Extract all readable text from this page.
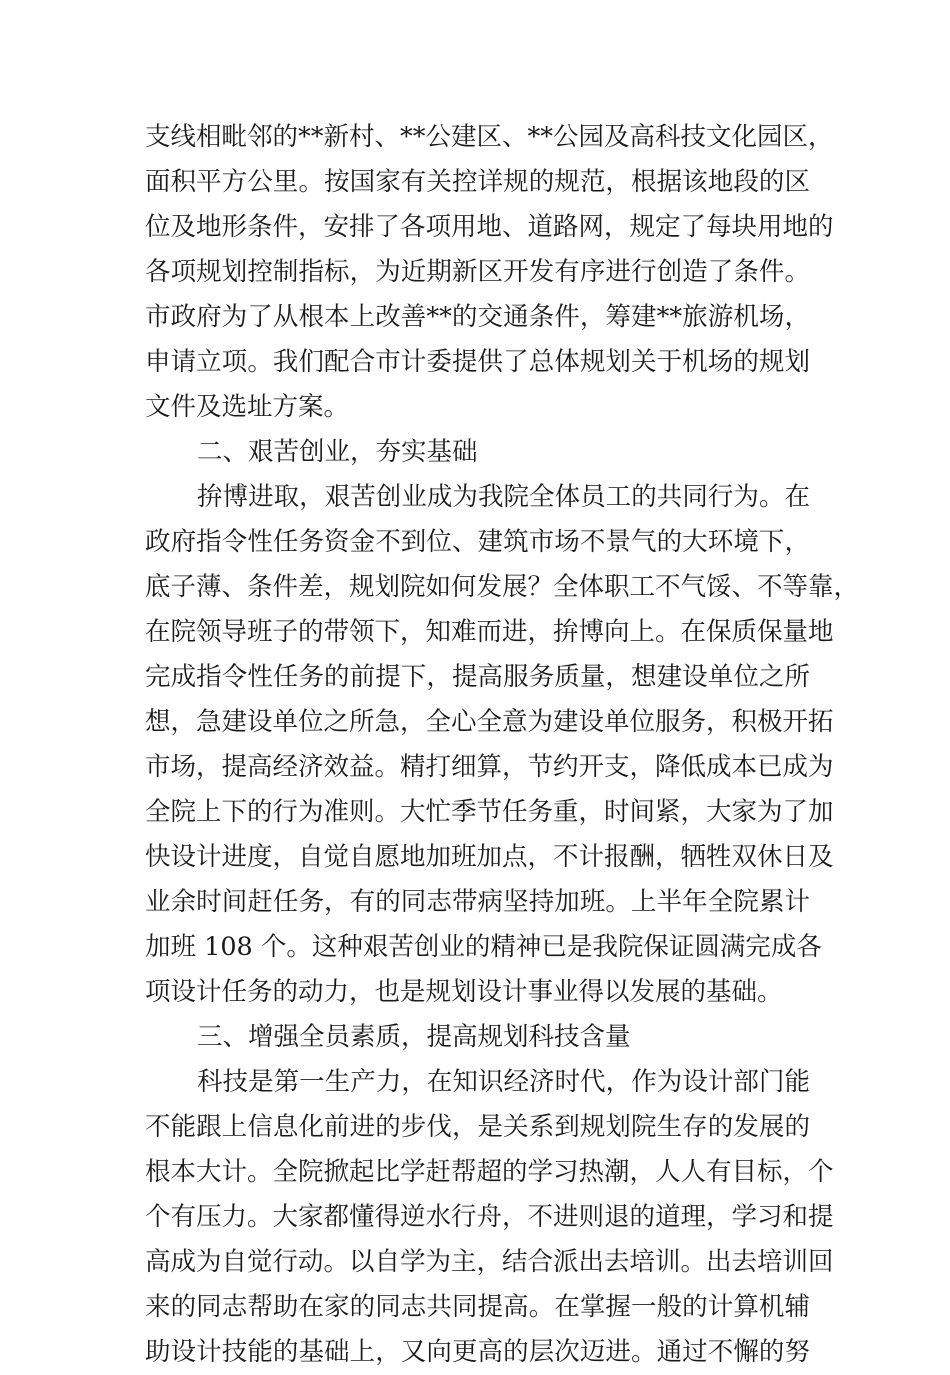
支线相毗邻的**新村、**公建区、**公园及高科技文化园区，
面积平方公里。按国家有关控详规的规范，根据该地段的区
位及地形条件，安排了各项用地、道路网，规定了每块用地的
各项规划控制指标，为近期新区开发有序进行创造了条件。
市政府为了从根本上改善**的交通条件，筹建**旅游机场，
申请立项。我们配合市计委提供了总体规划关于机场的规划
文件及选址方案。
二、艰苦创业，夯实基础
拚博进取，艰苦创业成为我院全体员工的共同行为。在
政府指令性任务资金不到位、建筑市场不景气的大环境下，
底子薄、条件差，规划院如何发展？全体职工不气馁、不等靠，
在院领导班子的带领下，知难而进，拚博向上。在保质保量地
完成指令性任务的前提下，提高服务质量，想建设单位之所
想，急建设单位之所急，全心全意为建设单位服务，积极开拓
市场，提高经济效益。精打细算，节约开支，降低成本已成为
全院上下的行为准则。大忙季节任务重，时间紧，大家为了加
快设计进度，自觉自愿地加班加点，不计报酬，牺牲双休日及
业余时间赶任务，有的同志带病坚持加班。上半年全院累计
加班 108 个。这种艰苦创业的精神已是我院保证圆满完成各
项设计任务的动力，也是规划设计事业得以发展的基础。
三、增强全员素质，提高规划科技含量
科技是第一生产力，在知识经济时代，作为设计部门能
不能跟上信息化前进的步伐，是关系到规划院生存的发展的
根本大计。全院掀起比学赶帮超的学习热潮，人人有目标，个
个有压力。大家都懂得逆水行舟，不进则退的道理，学习和提
高成为自觉行动。以自学为主，结合派出去培训。出去培训回
来的同志帮助在家的同志共同提高。在掌握一般的计算机辅
助设计技能的基础上，又向更高的层次迈进。通过不懈的努
